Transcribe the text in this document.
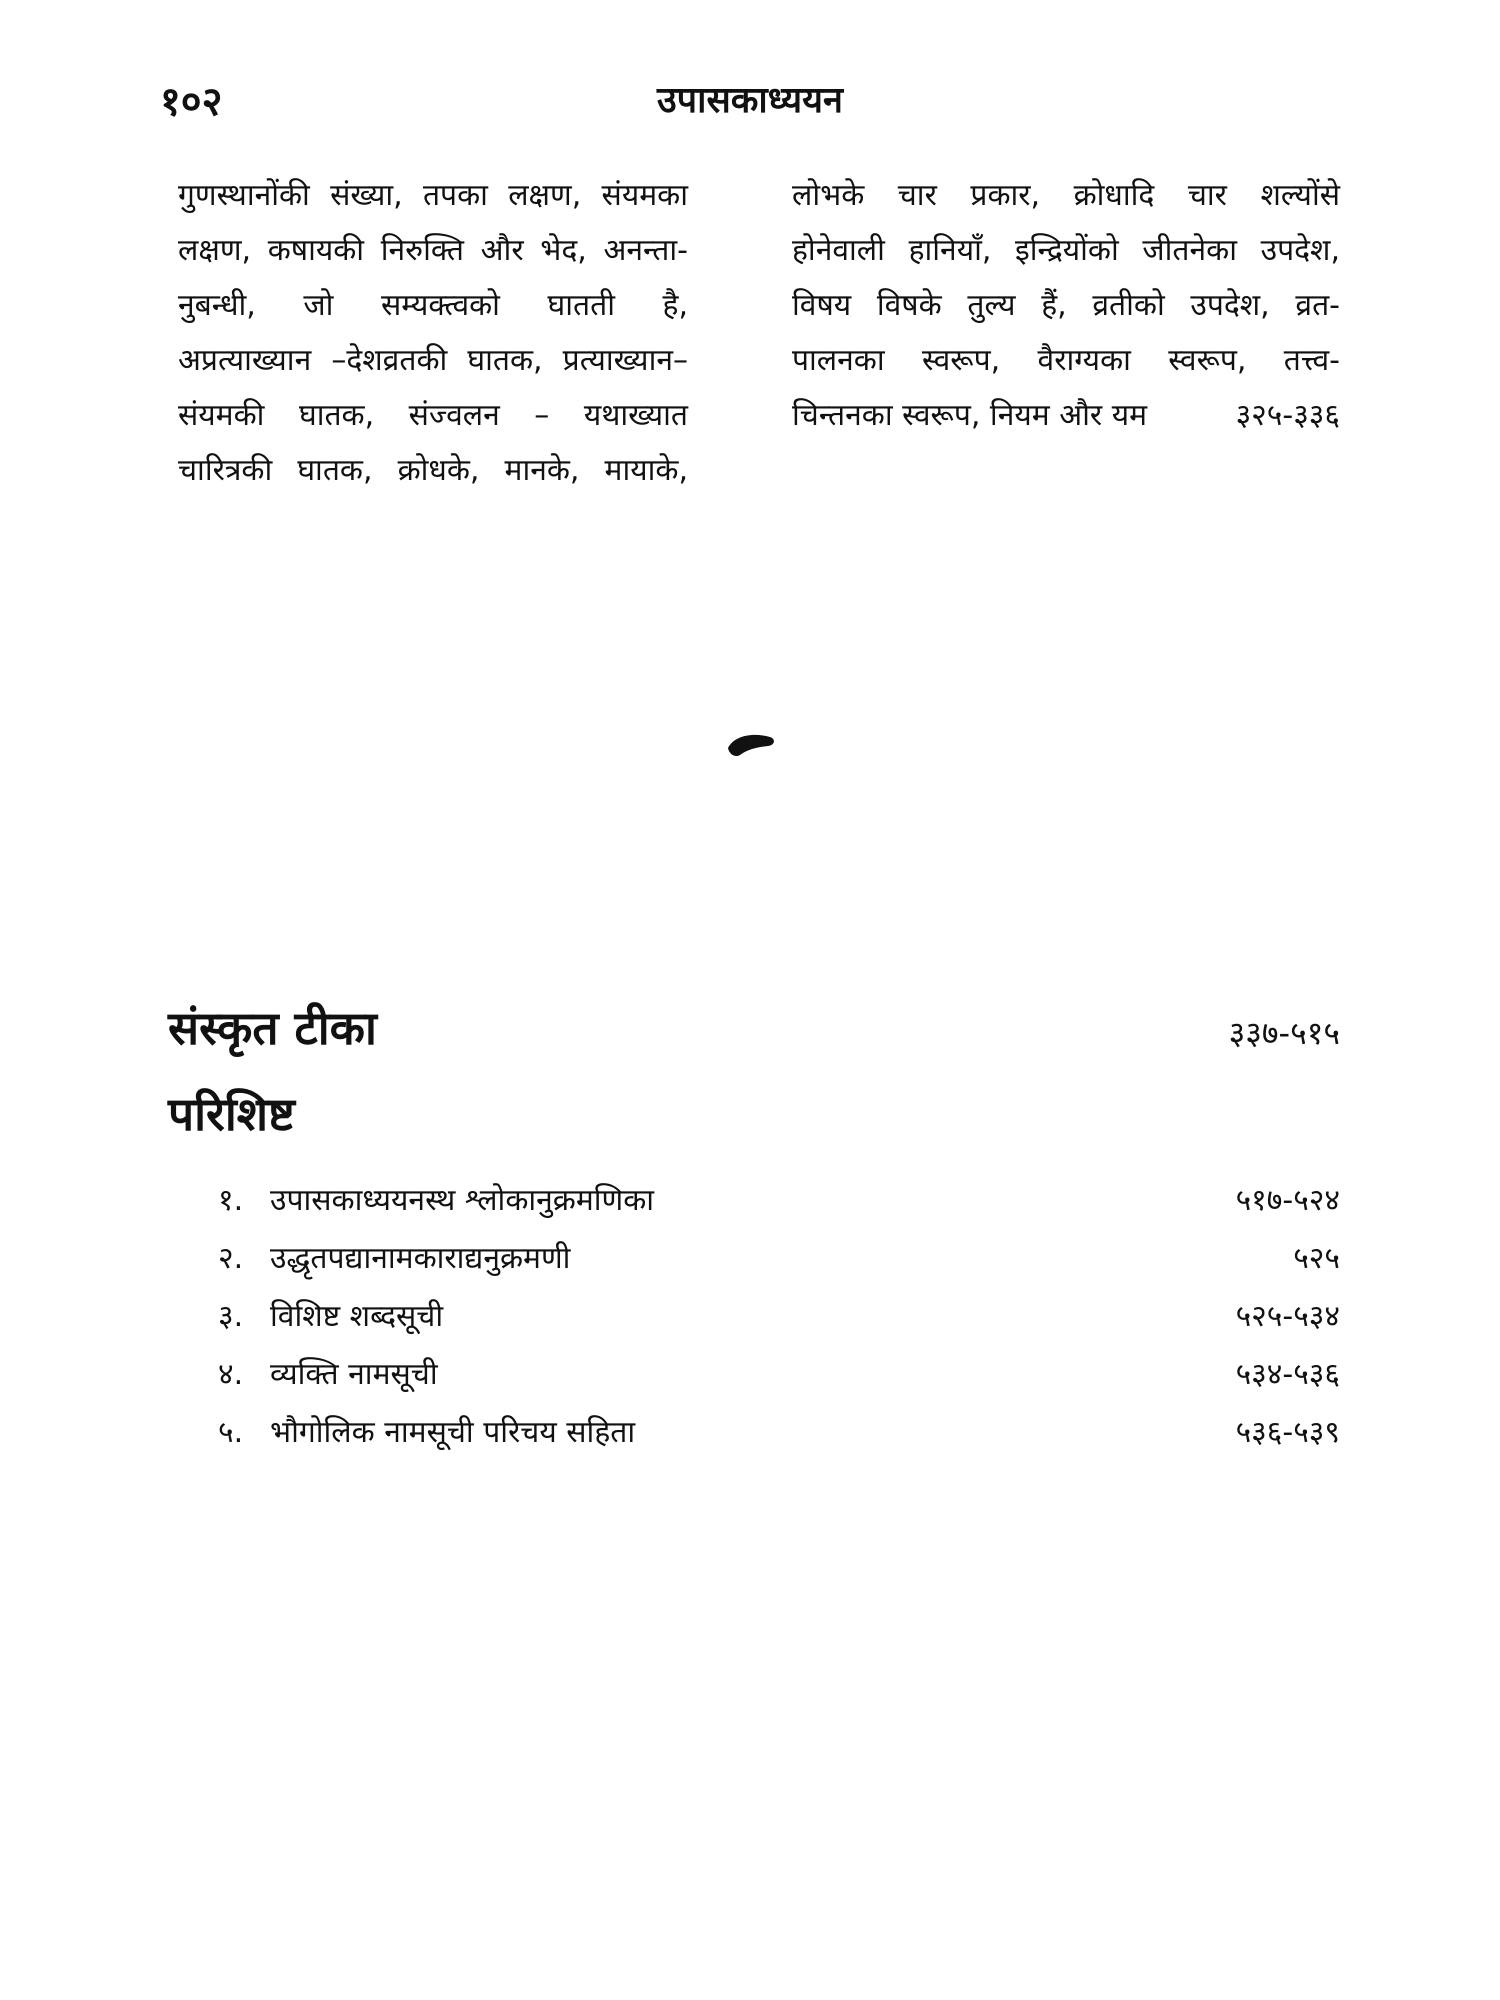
१०२	उपासकाध्ययन
गुणस्थानोंकी संख्या, तपका लक्षण, संयमका
लक्षण, कषायकी निरुक्ति और भेद, अनन्ता-
नुबन्धी, जो सम्यक्त्वको घातती है,
अप्रत्याख्यान –देशव्रतकी घातक, प्रत्याख्यान–
संयमकी घातक, संज्वलन – यथाख्यात
चारित्रकी घातक, क्रोधके, मानके, मायाके,
लोभके चार प्रकार, क्रोधादि चार शल्योंसे
होनेवाली हानियाँ, इन्द्रियोंको जीतनेका उपदेश,
विषय विषके तुल्य हैं, व्रतीको उपदेश, व्रत-
पालनका स्वरूप, वैराग्यका स्वरूप, तत्त्व-
चिन्तनका स्वरूप, नियम और यम	३२५-३३६
संस्कृत टीका	३३७-५१५
परिशिष्ट
१. उपासकाध्ययनस्थ श्लोकानुक्रमणिका	५१७-५२४
२. उद्धृतपद्यानामकाराद्यनुक्रमणी	५२५
३. विशिष्ट शब्दसूची	५२५-५३४
४. व्यक्ति नामसूची	५३४-५३६
५. भौगोलिक नामसूची परिचय सहिता	५३६-५३९
